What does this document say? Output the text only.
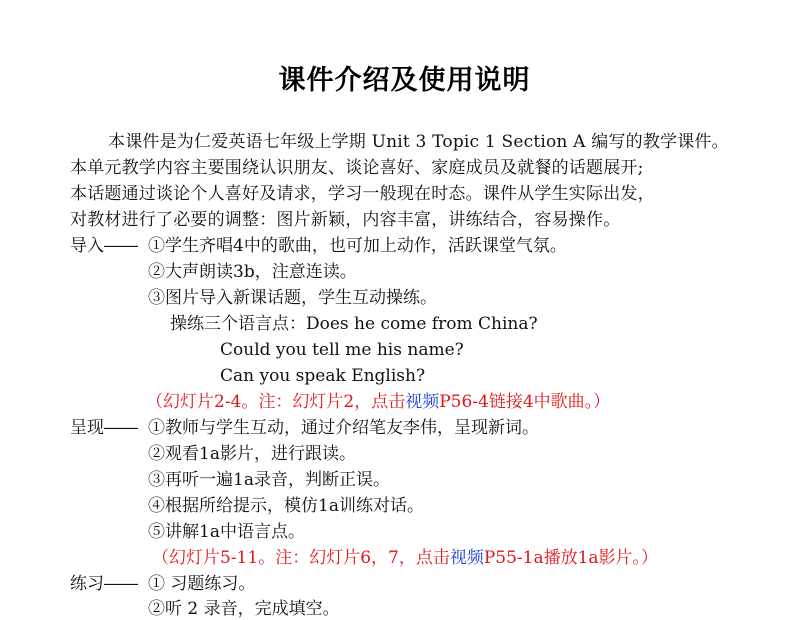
课件介绍及使用说明
本课件是为仁爱英语七年级上学期 Unit 3 Topic 1 Section A 编写的教学课件。
本单元教学内容主要围绕认识朋友、谈论喜好、家庭成员及就餐的话题展开;
本话题通过谈论个人喜好及请求，学习一般现在时态。课件从学生实际出发，
对教材进行了必要的调整：图片新颖，内容丰富，讲练结合，容易操作。
导入―― ①学生齐唱4中的歌曲，也可加上动作，活跃课堂气氛。
②大声朗读3b，注意连读。
③图片导入新课话题，学生互动操练。
操练三个语言点：Does he come from China?
Could you tell me his name?
Can you speak English?
（幻灯片2-4。注：幻灯片2，点击视频P56-4链接4中歌曲。）
呈现―― ①教师与学生互动，通过介绍笔友李伟，呈现新词。
②观看1a影片，进行跟读。
③再听一遍1a录音，判断正误。
④根据所给提示，模仿1a训练对话。
⑤讲解1a中语言点。
（幻灯片5-11。注：幻灯片6，7，点击视频P55-1a播放1a影片。）
练习―― ① 习题练习。
②听 2 录音，完成填空。
